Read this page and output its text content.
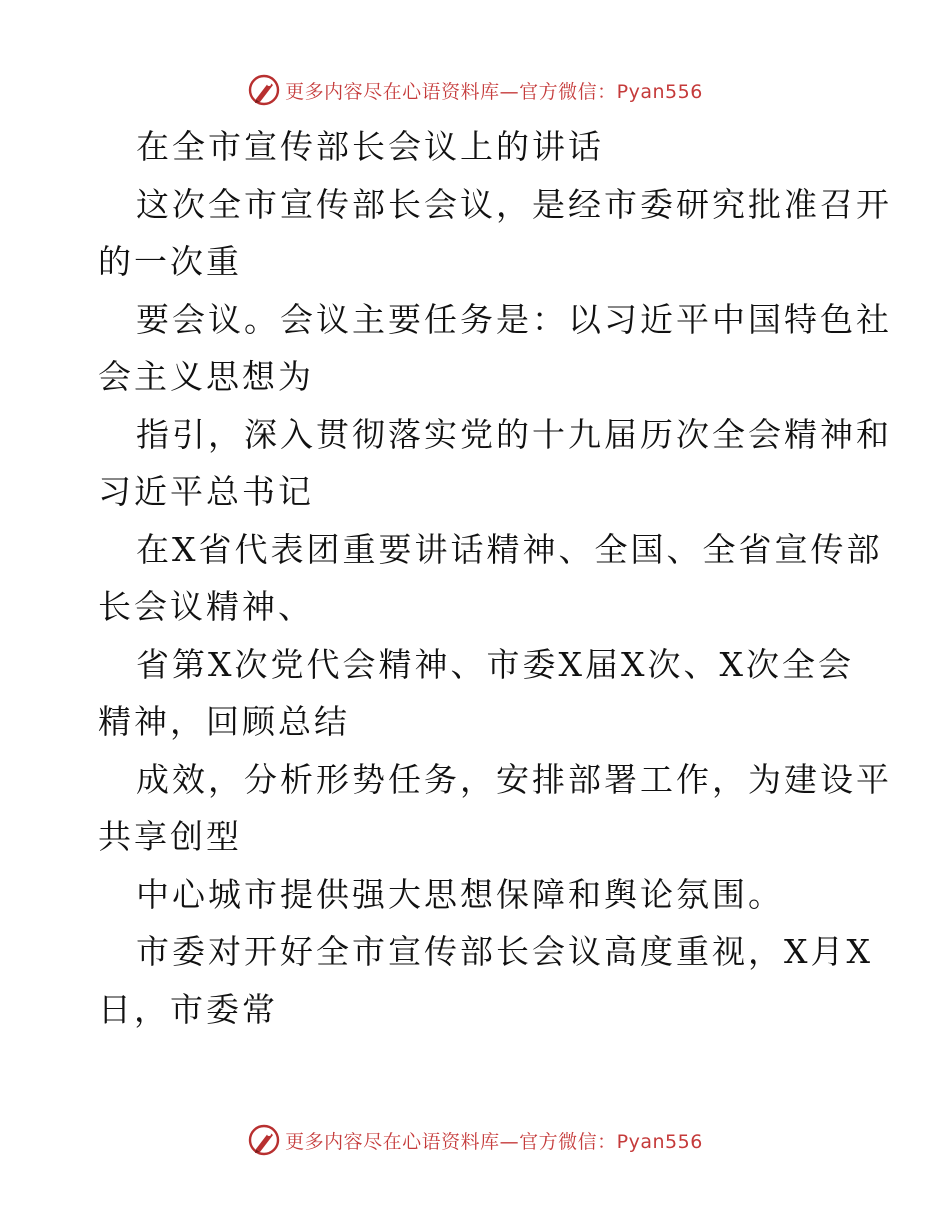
更多内容尽在心语资料库—官方微信：Pyan556
在全市宣传部长会议上的讲话
这次全市宣传部长会议，是经市委研究批准召开
的一次重
要会议。会议主要任务是：以习近平中国特色社
会主义思想为
指引，深入贯彻落实党的十九届历次全会精神和
习近平总书记
在X省代表团重要讲话精神、全国、全省宣传部
长会议精神、
省第X次党代会精神、市委X届X次、X次全会
精神，回顾总结
成效，分析形势任务，安排部署工作，为建设平
共享创型
中心城市提供强大思想保障和舆论氛围。
市委对开好全市宣传部长会议高度重视，X月X
日，市委常
更多内容尽在心语资料库—官方微信：Pyan556
